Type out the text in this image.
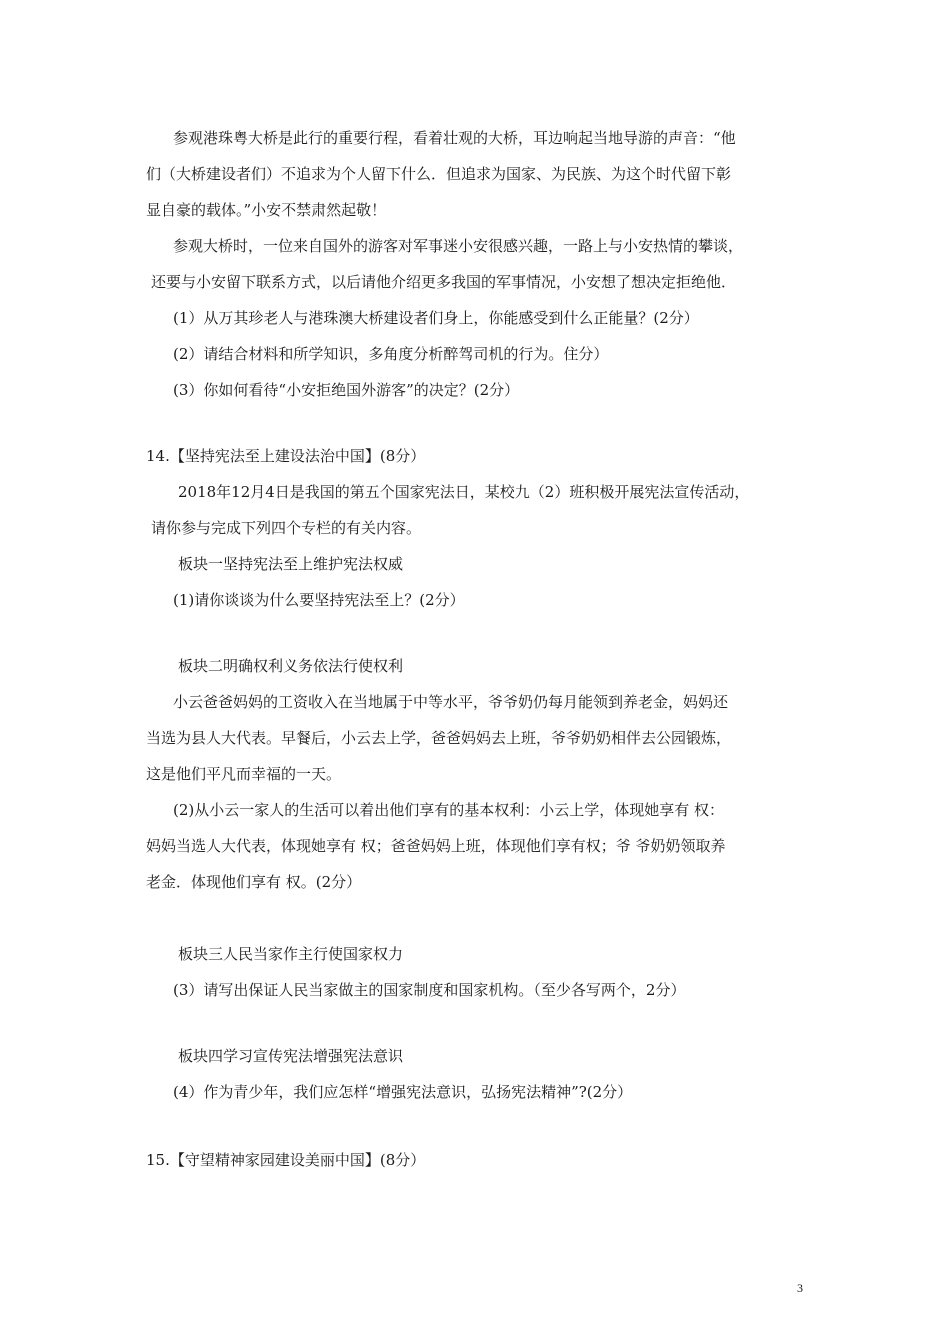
参观港珠粤大桥是此行的重要行程，看着壮观的大桥，耳边响起当地导游的声音：“他

们（大桥建设者们）不追求为个人留下什么．但追求为国家、为民族、为这个时代留下彰

显自豪的载体。”小安不禁肃然起敬！

参观大桥时，一位来自国外的游客对军事迷小安很感兴趣，一路上与小安热情的攀谈，

还要与小安留下联系方式，以后请他介绍更多我国的军事情况，小安想了想决定拒绝他．

(1）从万其珍老人与港珠澳大桥建设者们身上，你能感受到什么正能量？(2分）

(2）请结合材料和所学知识，多角度分析醉驾司机的行为。住分）

(3）你如何看待“小安拒绝国外游客”的决定？(2分）

14.【坚持宪法至上建设法治中国】(8分）

2018年12月4日是我国的第五个国家宪法日，某校九（2）班积极开展宪法宣传活动，

请你参与完成下列四个专栏的有关内容。

板块一坚持宪法至上维护宪法权威

(1)请你谈谈为什么要坚持宪法至上？(2分）

板块二明确权利义务依法行使权利

小云爸爸妈妈的工资收入在当地属于中等水平，爷爷奶仍每月能领到养老金，妈妈还

当选为县人大代表。早餐后，小云去上学，爸爸妈妈去上班，爷爷奶奶相伴去公园锻炼，

这是他们平凡而幸福的一天。

(2)从小云一家人的生活可以着出他们享有的基本权利：小云上学，体现她享有 权：

妈妈当选人大代表，体现她享有 权；爸爸妈妈上班，体现他们享有权；爷 爷奶奶领取养

老金．体现他们享有 权。(2分）

板块三人民当家作主行使国家权力

(3）请写出保证人民当家做主的国家制度和国家机构。（至少各写两个，2分）

板块四学习宣传宪法增强宪法意识

(4）作为青少年，我们应怎样“增强宪法意识，弘扬宪法精神”?(2分）

15.【守望精神家园建设美丽中国】(8分）

3
